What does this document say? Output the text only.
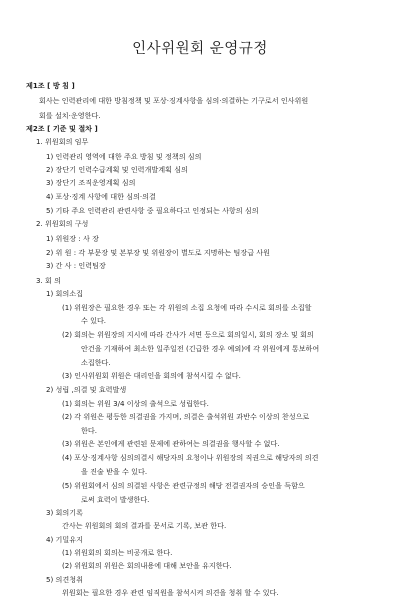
인사위원회 운영규정
제1조 [ 방 침 ]
회사는 인력관리에 대한 방침정책 및 포상·징계사항을 심의·의결하는 기구로서 인사위원
회를 설치·운영한다.
제2조 [ 기준 및 절차 ]
1. 위원회의 임무
1) 인력관리 영역에 대한 주요 방침 및 정책의 심의
2) 장단기 인력수급계획 및 인력개발계획 심의
3) 장단기 조직운영계획 심의
4) 포상·징계 사항에 대한 심의·의결
5) 기타 주요 인력관리 관련사항 중 필요하다고 인정되는 사항의 심의
2. 위원회의 구성
1) 위원장 : 사 장
2) 위 원 : 각 부문장 및 본부장 및 위원장이 별도로 지명하는 팀장급 사원
3) 간 사 : 인력팀장
3. 회 의
1) 회의소집
(1) 위원장은 필요한 경우 또는 각 위원의 소집 요청에 따라 수시로 회의를 소집할
수 있다.
(2) 회의는 위원장의 지시에 따라 간사가 서면 등으로 회의일시, 회의 장소 및 회의
안건을 기재하여 최소한 일주일전 (긴급한 경우 예외)에 각 위원에게 통보하여
소집한다.
(3) 인사위원회 위원은 대리인을 회의에 참석시킬 수 없다.
2) 성립 ,의결 및 효력발생
(1) 회의는 위원 3/4 이상의 출석으로 성립한다.
(2) 각 위원은 평등한 의결권을 가지며, 의결은 출석위원 과반수 이상의 찬성으로
한다.
(3) 위원은 본인에게 관련된 문제에 관하여는 의결권을 행사할 수 없다.
(4) 포상·징계사항 심의의결시 해당자의 요청이나 위원장의 직권으로 해당자의 의견
을 진술 받을 수 있다.
(5) 위원회에서 심의 의결된 사항은 관련규정의 해당 전결권자의 승인을 득함으
로써 효력이 발생한다.
3) 회의기록
간사는 위원회의 회의 결과를 문서로 기록, 보관 한다.
4) 기밀유지
(1) 위원회의 회의는 비공개로 한다.
(2) 위원회의 위원은 회의내용에 대해 보안을 유지한다.
5) 의견청취
위원회는 필요한 경우 관련 임직원을 참석시켜 의견을 청취 할 수 있다.
